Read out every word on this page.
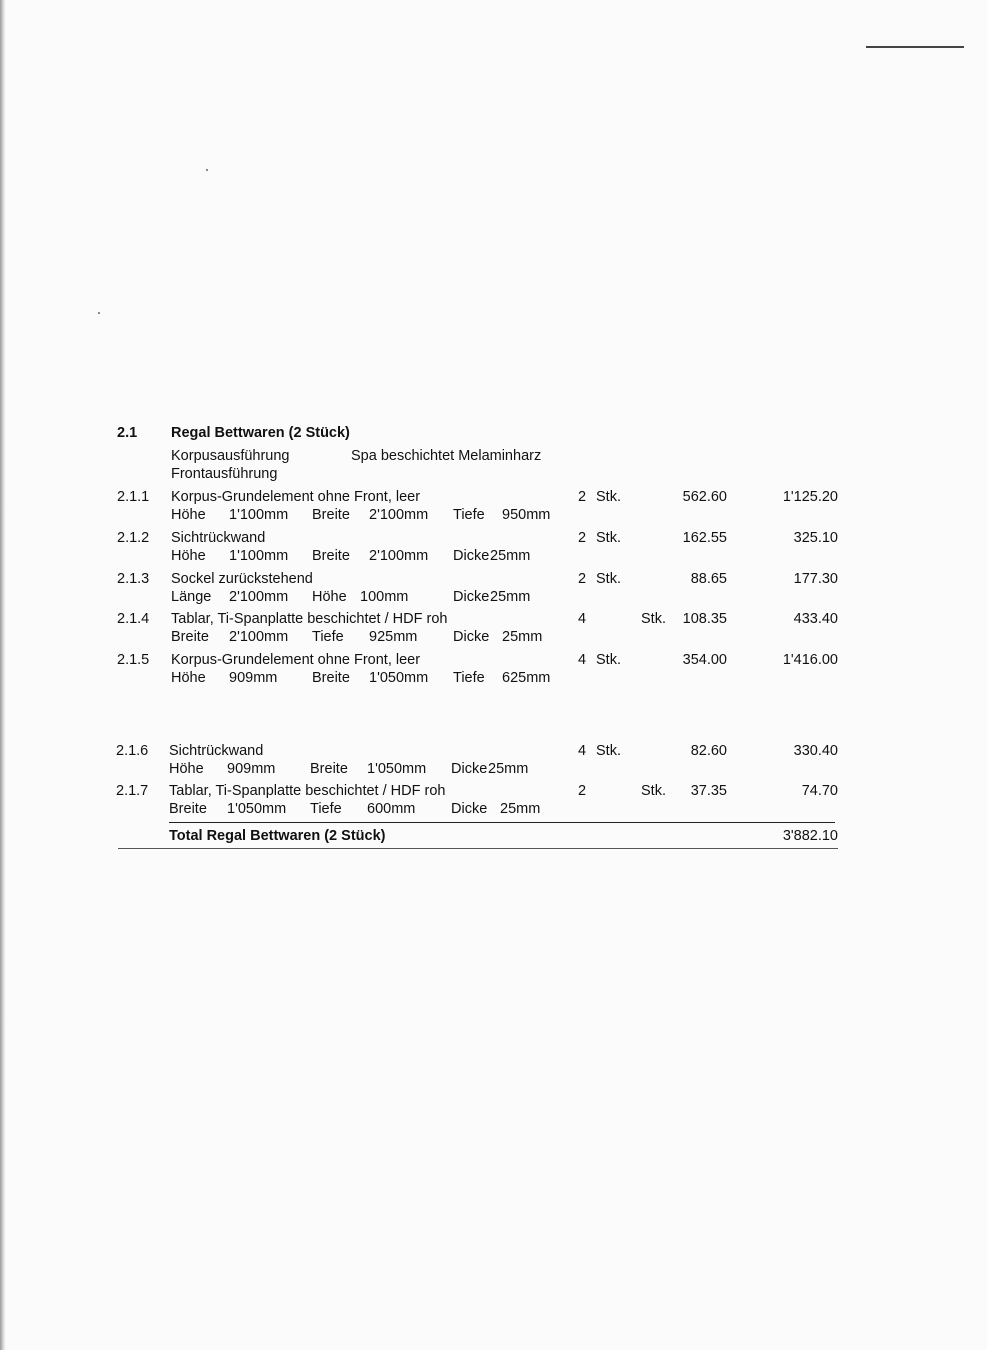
2.1 Regal Bettwaren (2 Stück)
Korpusausführung	Spa beschichtet Melaminharz
Frontausführung
2.1.1 Korpus-Grundelement ohne Front, leer
Höhe 1'100mm Breite 2'100mm Tiefe 950mm
2 Stk.	562.60	1'125.20
2.1.2 Sichtrückwand
Höhe 1'100mm Breite 2'100mm Dicke 25mm
2 Stk.	162.55	325.10
2.1.3 Sockel zurückstehend
Länge 2'100mm Höhe 100mm	Dicke 25mm
2 Stk.	88.65	177.30
2.1.4 Tablar, Ti-Spanplatte beschichtet / HDF roh
Breite 2'100mm Tiefe 925mm Dicke 25mm
4	Stk.	108.35	433.40
2.1.5 Korpus-Grundelement ohne Front, leer
Höhe 909mm Breite 1'050mm Tiefe 625mm
4 Stk.	354.00	1'416.00
2.1.6 Sichtrückwand
Höhe 909mm Breite 1'050mm Dicke 25mm
4 Stk.	82.60	330.40
2.1.7 Tablar, Ti-Spanplatte beschichtet / HDF roh
Breite 1'050mm Tiefe 600mm Dicke 25mm
2	Stk.	37.35	74.70
Total Regal Bettwaren (2 Stück)	3'882.10
